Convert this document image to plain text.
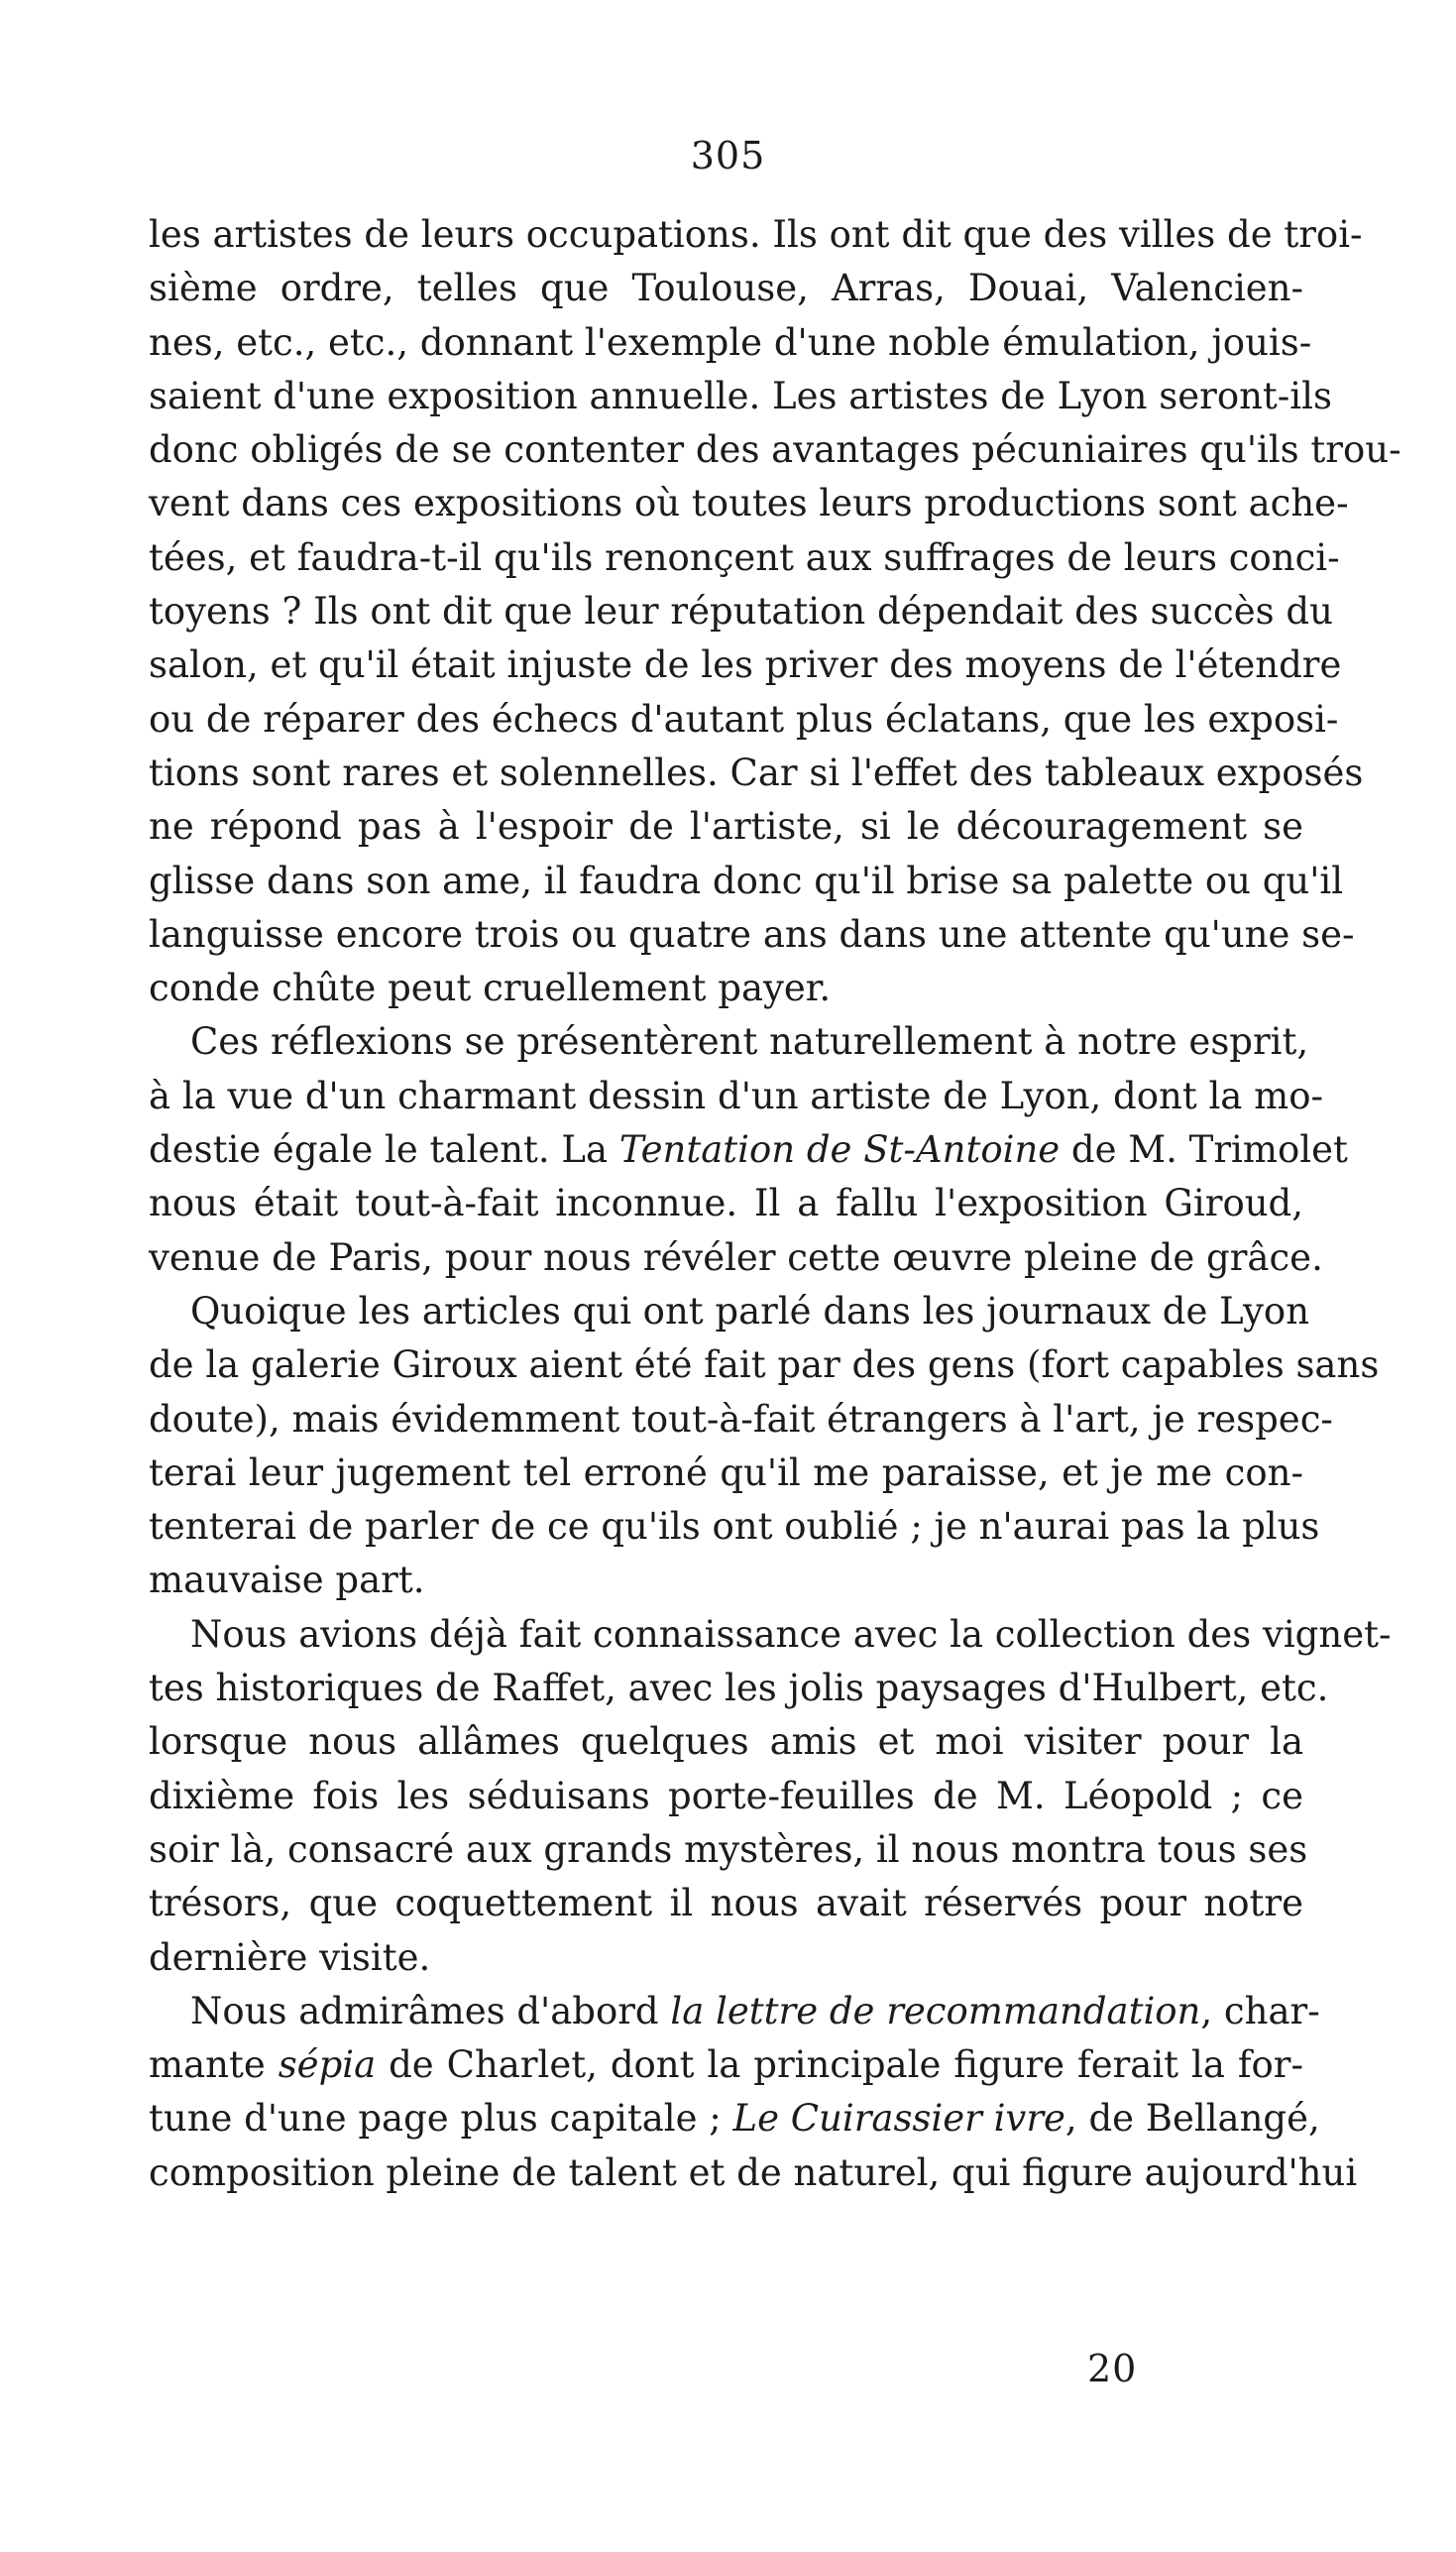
305
les artistes de leurs occupations. Ils ont dit que des villes de troi-
sième ordre, telles que Toulouse, Arras, Douai, Valencien-
nes, etc., etc., donnant l'exemple d'une noble émulation, jouis-
saient d'une exposition annuelle. Les artistes de Lyon seront-ils
donc obligés de se contenter des avantages pécuniaires qu'ils trou-
vent dans ces expositions où toutes leurs productions sont ache-
tées, et faudra-t-il qu'ils renonçent aux suffrages de leurs conci-
toyens ? Ils ont dit que leur réputation dépendait des succès du
salon, et qu'il était injuste de les priver des moyens de l'étendre
ou de réparer des échecs d'autant plus éclatans, que les exposi-
tions sont rares et solennelles. Car si l'effet des tableaux exposés
ne répond pas à l'espoir de l'artiste, si le découragement se
glisse dans son ame, il faudra donc qu'il brise sa palette ou qu'il
languisse encore trois ou quatre ans dans une attente qu'une se-
conde chûte peut cruellement payer.
Ces réflexions se présentèrent naturellement à notre esprit,
à la vue d'un charmant dessin d'un artiste de Lyon, dont la mo-
destie égale le talent. La Tentation de St-Antoine de M. Trimolet
nous était tout-à-fait inconnue. Il a fallu l'exposition Giroud,
venue de Paris, pour nous révéler cette œuvre pleine de grâce.
Quoique les articles qui ont parlé dans les journaux de Lyon
de la galerie Giroux aient été fait par des gens (fort capables sans
doute), mais évidemment tout-à-fait étrangers à l'art, je respec-
terai leur jugement tel erroné qu'il me paraisse, et je me con-
tenterai de parler de ce qu'ils ont oublié ; je n'aurai pas la plus
mauvaise part.
Nous avions déjà fait connaissance avec la collection des vignet-
tes historiques de Raffet, avec les jolis paysages d'Hulbert, etc.
lorsque nous allâmes quelques amis et moi visiter pour la
dixième fois les séduisans porte-feuilles de M. Léopold ; ce
soir là, consacré aux grands mystères, il nous montra tous ses
trésors, que coquettement il nous avait réservés pour notre
dernière visite.
Nous admirâmes d'abord la lettre de recommandation, char-
mante sépia de Charlet, dont la principale figure ferait la for-
tune d'une page plus capitale ; Le Cuirassier ivre, de Bellangé,
composition pleine de talent et de naturel, qui figure aujourd'hui
20
